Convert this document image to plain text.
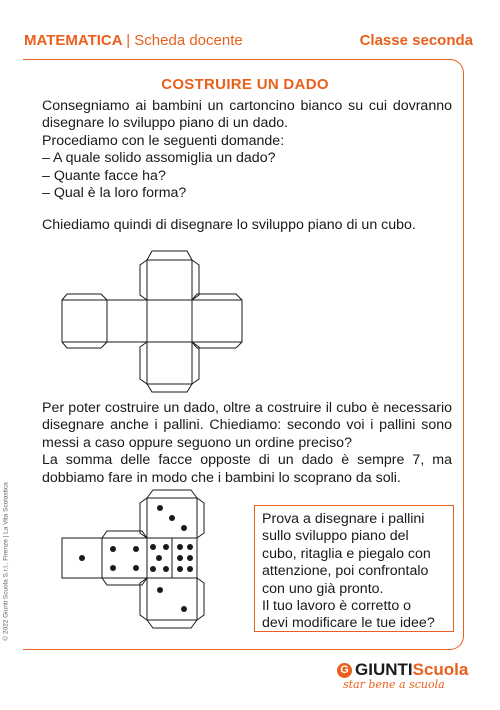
MATEMATICA | Scheda docente	Classe seconda
COSTRUIRE UN DADO
Consegniamo ai bambini un cartoncino bianco su cui dovranno
disegnare lo sviluppo piano di un dado.
Procediamo con le seguenti domande:
– A quale solido assomiglia un dado?
– Quante facce ha?
– Qual è la loro forma?
Chiediamo quindi di disegnare lo sviluppo piano di un cubo.
Per poter costruire un dado, oltre a costruire il cubo è necessario
disegnare anche i pallini. Chiediamo: secondo voi i pallini sono
messi a caso oppure seguono un ordine preciso?
La somma delle facce opposte di un dado è sempre 7, ma
dobbiamo fare in modo che i bambini lo scoprano da soli.
Prova a disegnare i pallini
sullo sviluppo piano del
cubo, ritaglia e piegalo con
attenzione, poi confrontalo
con uno già pronto.
Il tuo lavoro è corretto o
devi modificare le tue idee?
© 2022 Giunti Scuola S.r.l., Firenze | La Vita Scolastica
G GIUNTI Scuola
star bene a scuola
